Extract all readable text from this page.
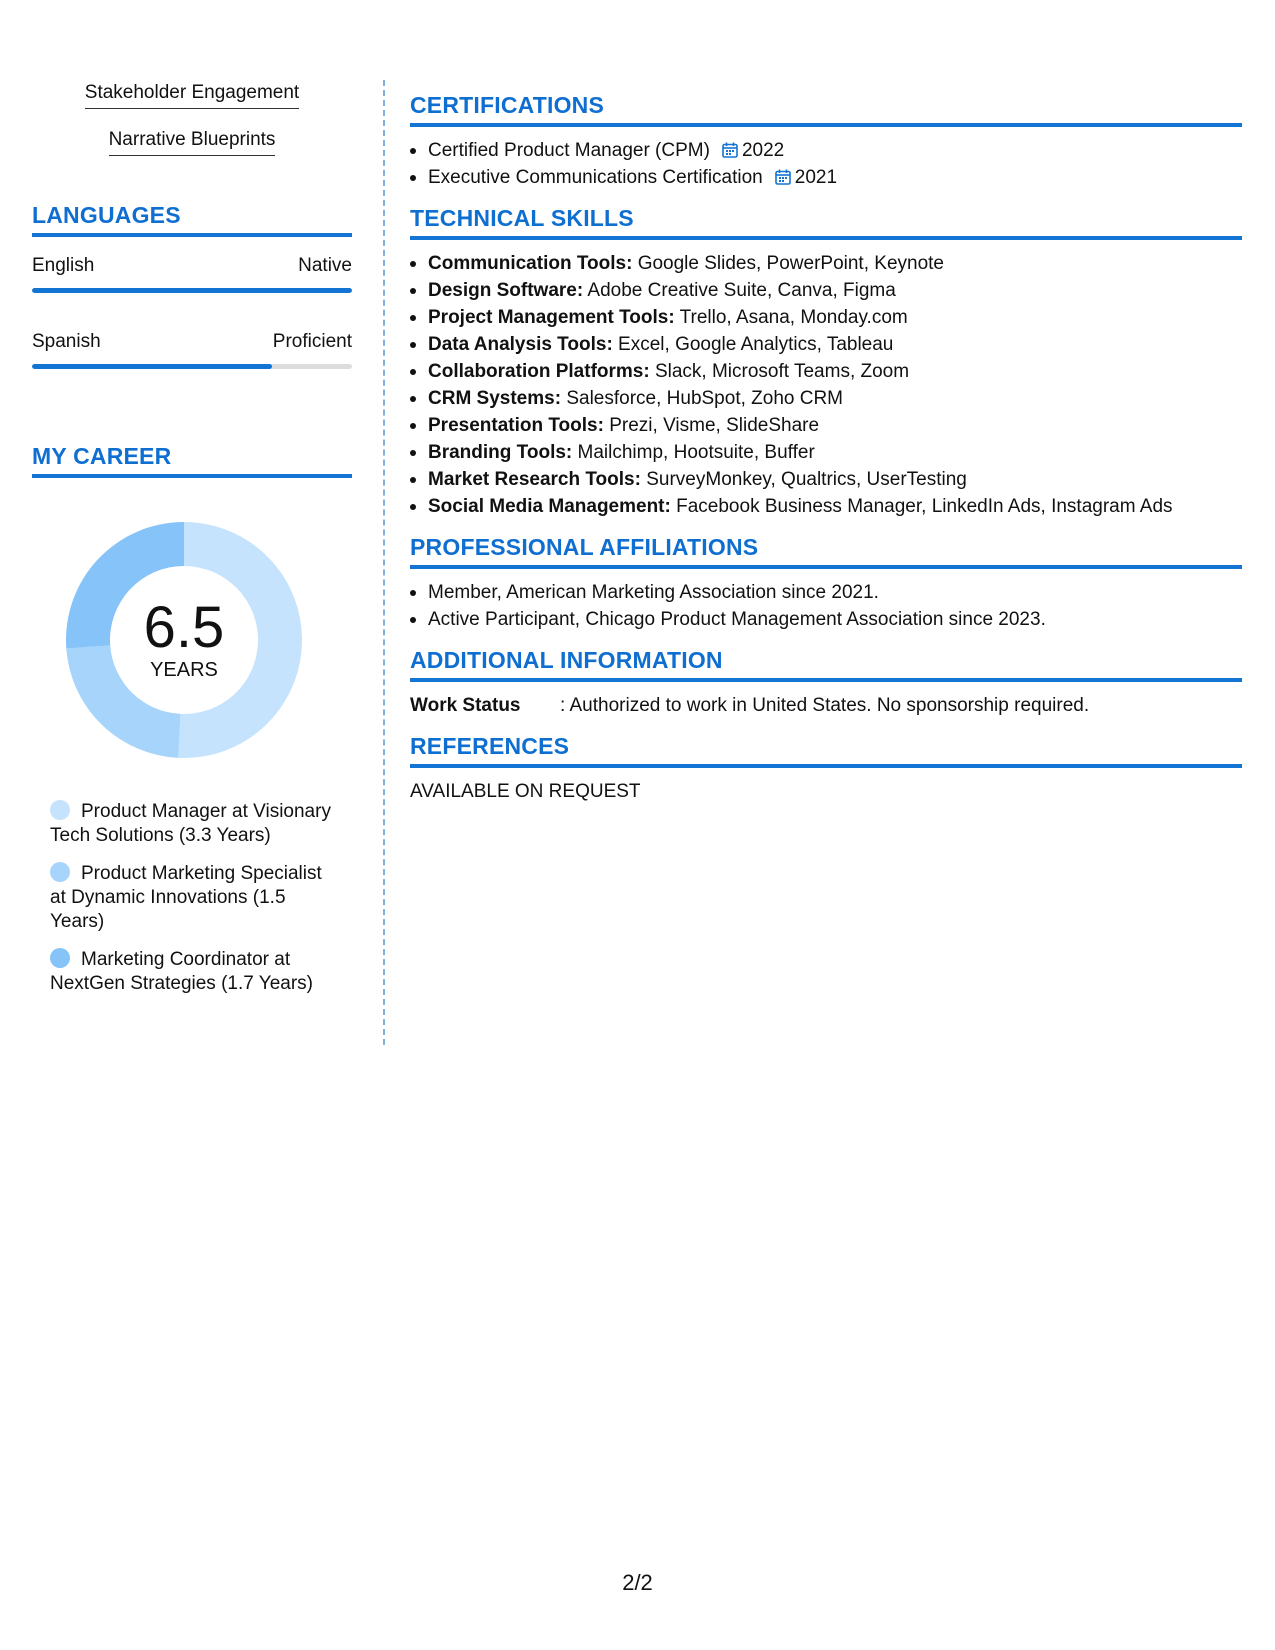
Stakeholder Engagement
Narrative Blueprints
LANGUAGES
English	Native
Spanish	Proficient
MY CAREER
6.5
YEARS
Product Manager at Visionary Tech Solutions (3.3 Years)
Product Marketing Specialist at Dynamic Innovations (1.5 Years)
Marketing Coordinator at NextGen Strategies (1.7 Years)
CERTIFICATIONS
Certified Product Manager (CPM) 2022
Executive Communications Certification 2021
TECHNICAL SKILLS
Communication Tools: Google Slides, PowerPoint, Keynote
Design Software: Adobe Creative Suite, Canva, Figma
Project Management Tools: Trello, Asana, Monday.com
Data Analysis Tools: Excel, Google Analytics, Tableau
Collaboration Platforms: Slack, Microsoft Teams, Zoom
CRM Systems: Salesforce, HubSpot, Zoho CRM
Presentation Tools: Prezi, Visme, SlideShare
Branding Tools: Mailchimp, Hootsuite, Buffer
Market Research Tools: SurveyMonkey, Qualtrics, UserTesting
Social Media Management: Facebook Business Manager, LinkedIn Ads, Instagram Ads
PROFESSIONAL AFFILIATIONS
Member, American Marketing Association since 2021.
Active Participant, Chicago Product Management Association since 2023.
ADDITIONAL INFORMATION
Work Status	: Authorized to work in United States. No sponsorship required.
REFERENCES
AVAILABLE ON REQUEST
2/2
